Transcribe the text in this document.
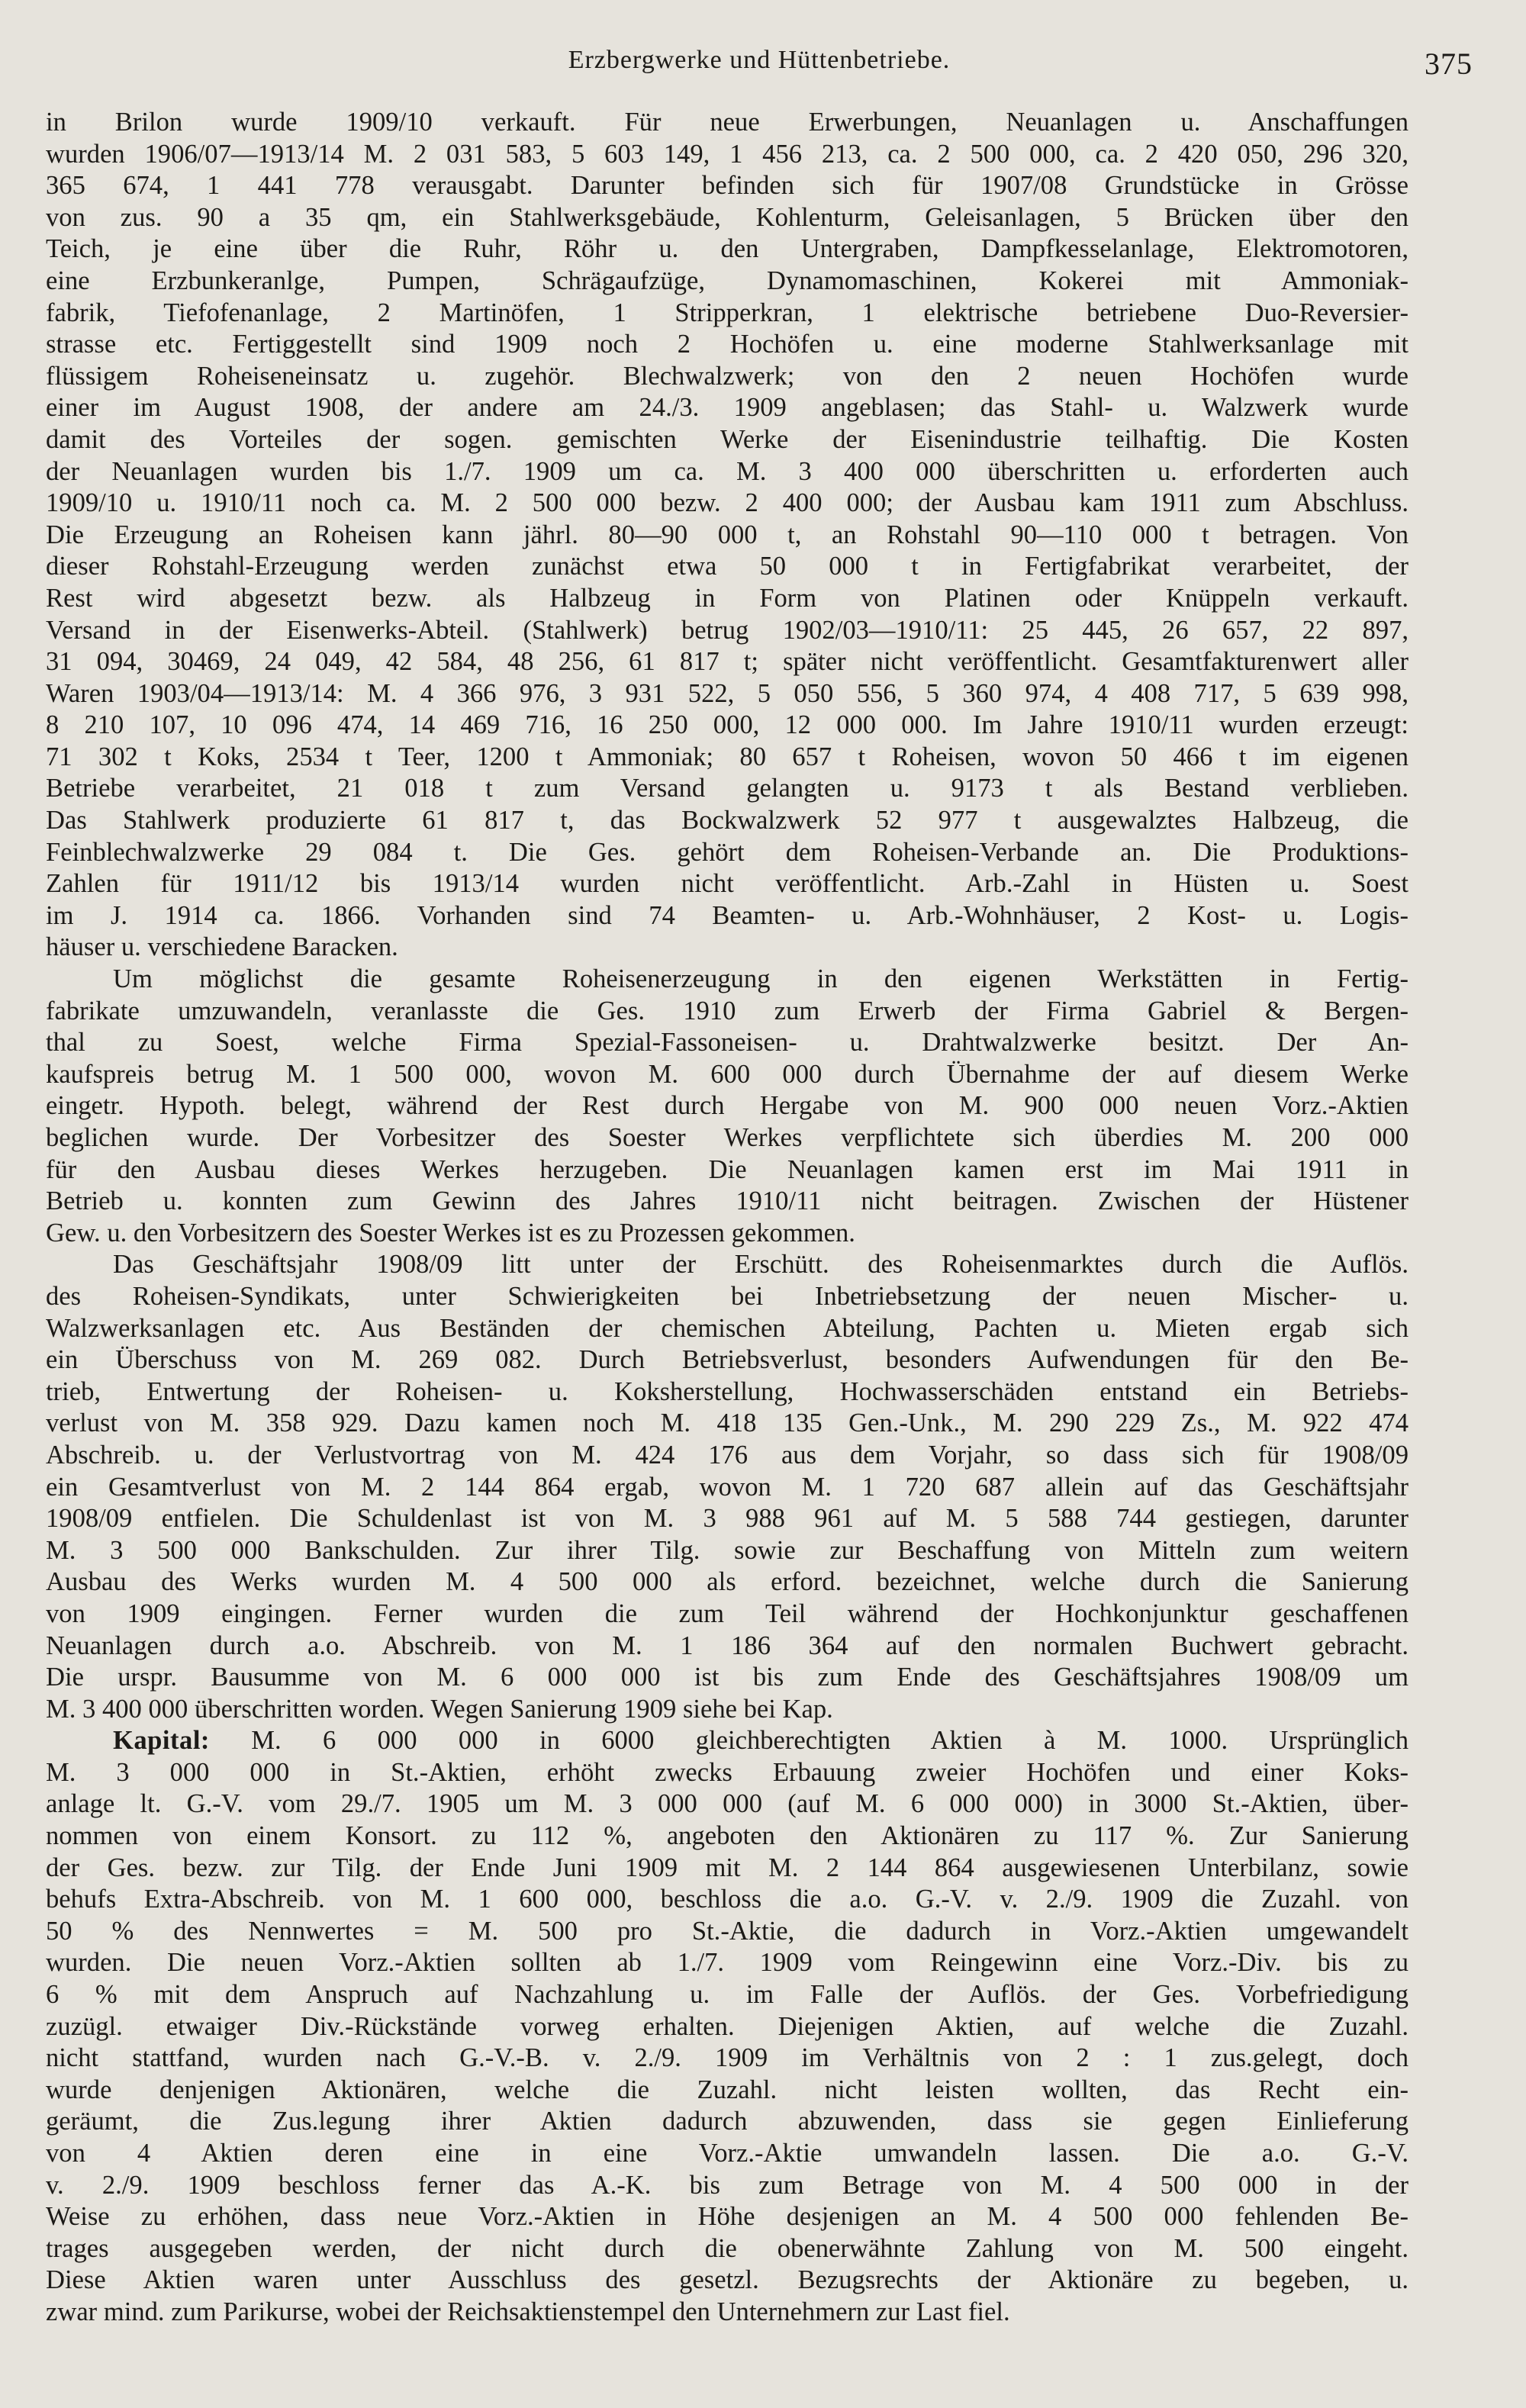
Erzbergwerke und Hüttenbetriebe.	375
in Brilon wurde 1909/10 verkauft. Für neue Erwerbungen, Neuanlagen u. Anschaffungen
wurden 1906/07—1913/14 M. 2 031 583, 5 603 149, 1 456 213, ca. 2 500 000, ca. 2 420 050, 296 320,
365 674, 1 441 778 verausgabt. Darunter befinden sich für 1907/08 Grundstücke in Grösse
von zus. 90 a 35 qm, ein Stahlwerksgebäude, Kohlenturm, Geleisanlagen, 5 Brücken über den
Teich, je eine über die Ruhr, Röhr u. den Untergraben, Dampfkesselanlage, Elektromotoren,
eine Erzbunkeranlge, Pumpen, Schrägaufzüge, Dynamomaschinen, Kokerei mit Ammoniak-
fabrik, Tiefofenanlage, 2 Martinöfen, 1 Stripperkran, 1 elektrische betriebene Duo-Reversier-
strasse etc. Fertiggestellt sind 1909 noch 2 Hochöfen u. eine moderne Stahlwerksanlage mit
flüssigem Roheiseneinsatz u. zugehör. Blechwalzwerk; von den 2 neuen Hochöfen wurde
einer im August 1908, der andere am 24./3. 1909 angeblasen; das Stahl- u. Walzwerk wurde
damit des Vorteiles der sogen. gemischten Werke der Eisenindustrie teilhaftig. Die Kosten
der Neuanlagen wurden bis 1./7. 1909 um ca. M. 3 400 000 überschritten u. erforderten auch
1909/10 u. 1910/11 noch ca. M. 2 500 000 bezw. 2 400 000; der Ausbau kam 1911 zum Abschluss.
Die Erzeugung an Roheisen kann jährl. 80—90 000 t, an Rohstahl 90—110 000 t betragen. Von
dieser Rohstahl-Erzeugung werden zunächst etwa 50 000 t in Fertigfabrikat verarbeitet, der
Rest wird abgesetzt bezw. als Halbzeug in Form von Platinen oder Knüppeln verkauft.
Versand in der Eisenwerks-Abteil. (Stahlwerk) betrug 1902/03—1910/11: 25 445, 26 657, 22 897,
31 094, 30469, 24 049, 42 584, 48 256, 61 817 t; später nicht veröffentlicht. Gesamtfakturenwert aller
Waren 1903/04—1913/14: M. 4 366 976, 3 931 522, 5 050 556, 5 360 974, 4 408 717, 5 639 998,
8 210 107, 10 096 474, 14 469 716, 16 250 000, 12 000 000. Im Jahre 1910/11 wurden erzeugt:
71 302 t Koks, 2534 t Teer, 1200 t Ammoniak; 80 657 t Roheisen, wovon 50 466 t im eigenen
Betriebe verarbeitet, 21 018 t zum Versand gelangten u. 9173 t als Bestand verblieben.
Das Stahlwerk produzierte 61 817 t, das Bockwalzwerk 52 977 t ausgewalztes Halbzeug, die
Feinblechwalzwerke 29 084 t. Die Ges. gehört dem Roheisen-Verbande an. Die Produktions-
Zahlen für 1911/12 bis 1913/14 wurden nicht veröffentlicht. Arb.-Zahl in Hüsten u. Soest
im J. 1914 ca. 1866. Vorhanden sind 74 Beamten- u. Arb.-Wohnhäuser, 2 Kost- u. Logis-
häuser u. verschiedene Baracken.
Um möglichst die gesamte Roheisenerzeugung in den eigenen Werkstätten in Fertig-
fabrikate umzuwandeln, veranlasste die Ges. 1910 zum Erwerb der Firma Gabriel & Bergen-
thal zu Soest, welche Firma Spezial-Fassoneisen- u. Drahtwalzwerke besitzt. Der An-
kaufspreis betrug M. 1 500 000, wovon M. 600 000 durch Übernahme der auf diesem Werke
eingetr. Hypoth. belegt, während der Rest durch Hergabe von M. 900 000 neuen Vorz.-Aktien
beglichen wurde. Der Vorbesitzer des Soester Werkes verpflichtete sich überdies M. 200 000
für den Ausbau dieses Werkes herzugeben. Die Neuanlagen kamen erst im Mai 1911 in
Betrieb u. konnten zum Gewinn des Jahres 1910/11 nicht beitragen. Zwischen der Hüstener
Gew. u. den Vorbesitzern des Soester Werkes ist es zu Prozessen gekommen.
Das Geschäftsjahr 1908/09 litt unter der Erschütt. des Roheisenmarktes durch die Auflös.
des Roheisen-Syndikats, unter Schwierigkeiten bei Inbetriebsetzung der neuen Mischer- u.
Walzwerksanlagen etc. Aus Beständen der chemischen Abteilung, Pachten u. Mieten ergab sich
ein Überschuss von M. 269 082. Durch Betriebsverlust, besonders Aufwendungen für den Be-
trieb, Entwertung der Roheisen- u. Koksherstellung, Hochwasserschäden entstand ein Betriebs-
verlust von M. 358 929. Dazu kamen noch M. 418 135 Gen.-Unk., M. 290 229 Zs., M. 922 474
Abschreib. u. der Verlustvortrag von M. 424 176 aus dem Vorjahr, so dass sich für 1908/09
ein Gesamtverlust von M. 2 144 864 ergab, wovon M. 1 720 687 allein auf das Geschäftsjahr
1908/09 entfielen. Die Schuldenlast ist von M. 3 988 961 auf M. 5 588 744 gestiegen, darunter
M. 3 500 000 Bankschulden. Zur ihrer Tilg. sowie zur Beschaffung von Mitteln zum weitern
Ausbau des Werks wurden M. 4 500 000 als erford. bezeichnet, welche durch die Sanierung
von 1909 eingingen. Ferner wurden die zum Teil während der Hochkonjunktur geschaffenen
Neuanlagen durch a.o. Abschreib. von M. 1 186 364 auf den normalen Buchwert gebracht.
Die urspr. Bausumme von M. 6 000 000 ist bis zum Ende des Geschäftsjahres 1908/09 um
M. 3 400 000 überschritten worden. Wegen Sanierung 1909 siehe bei Kap.
Kapital: M. 6 000 000 in 6000 gleichberechtigten Aktien à M. 1000. Ursprünglich
M. 3 000 000 in St.-Aktien, erhöht zwecks Erbauung zweier Hochöfen und einer Koks-
anlage lt. G.-V. vom 29./7. 1905 um M. 3 000 000 (auf M. 6 000 000) in 3000 St.-Aktien, über-
nommen von einem Konsort. zu 112 %, angeboten den Aktionären zu 117 %. Zur Sanierung
der Ges. bezw. zur Tilg. der Ende Juni 1909 mit M. 2 144 864 ausgewiesenen Unterbilanz, sowie
behufs Extra-Abschreib. von M. 1 600 000, beschloss die a.o. G.-V. v. 2./9. 1909 die Zuzahl. von
50 % des Nennwertes = M. 500 pro St.-Aktie, die dadurch in Vorz.-Aktien umgewandelt
wurden. Die neuen Vorz.-Aktien sollten ab 1./7. 1909 vom Reingewinn eine Vorz.-Div. bis zu
6 % mit dem Anspruch auf Nachzahlung u. im Falle der Auflös. der Ges. Vorbefriedigung
zuzügl. etwaiger Div.-Rückstände vorweg erhalten. Diejenigen Aktien, auf welche die Zuzahl.
nicht stattfand, wurden nach G.-V.-B. v. 2./9. 1909 im Verhältnis von 2 : 1 zus.gelegt, doch
wurde denjenigen Aktionären, welche die Zuzahl. nicht leisten wollten, das Recht ein-
geräumt, die Zus.legung ihrer Aktien dadurch abzuwenden, dass sie gegen Einlieferung
von 4 Aktien deren eine in eine Vorz.-Aktie umwandeln lassen. Die a.o. G.-V.
v. 2./9. 1909 beschloss ferner das A.-K. bis zum Betrage von M. 4 500 000 in der
Weise zu erhöhen, dass neue Vorz.-Aktien in Höhe desjenigen an M. 4 500 000 fehlenden Be-
trages ausgegeben werden, der nicht durch die obenerwähnte Zahlung von M. 500 eingeht.
Diese Aktien waren unter Ausschluss des gesetzl. Bezugsrechts der Aktionäre zu begeben, u.
zwar mind. zum Parikurse, wobei der Reichsaktienstempel den Unternehmern zur Last fiel.
